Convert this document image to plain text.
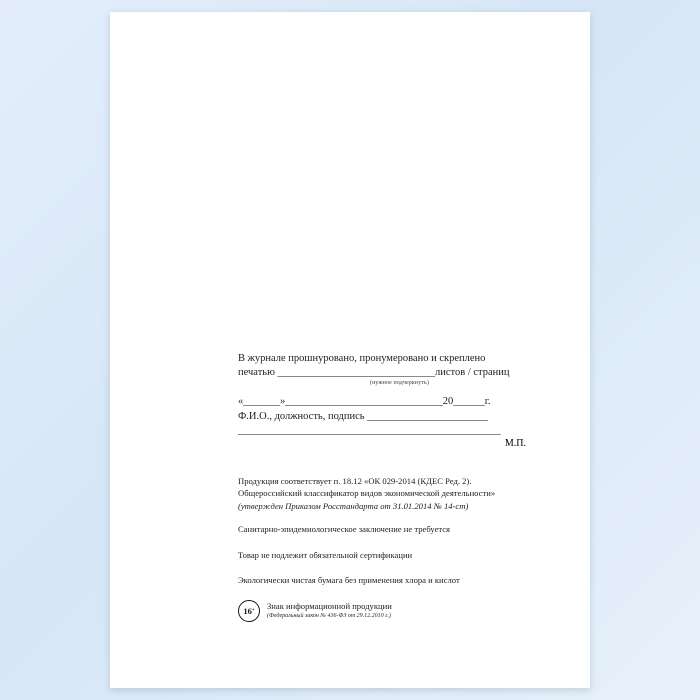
В журнале прошнуровано, пронумеровано и скреплено
печатью ______________________________листов / страниц
(нужное подчеркнуть)
«_______»______________________________20______г.
Ф.И.О., должность, подпись _______________________
____________________________________________________
М.П.
Продукция соответствует п. 18.12 «ОК 029-2014 (КДЕС Ред. 2).
Общероссийский классификатор видов экономической деятельности»
(утвержден Приказом Росстандарта от 31.01.2014 № 14-ст)
Санитарно-эпидемиологическое заключение не требуется
Товар не подлежит обязательной сертификации
Экологически чистая бумага без применения хлора и кислот
16 + Знак информационной продукции
(Федеральный закон № 436-ФЗ от 29.12.2010 г.)
